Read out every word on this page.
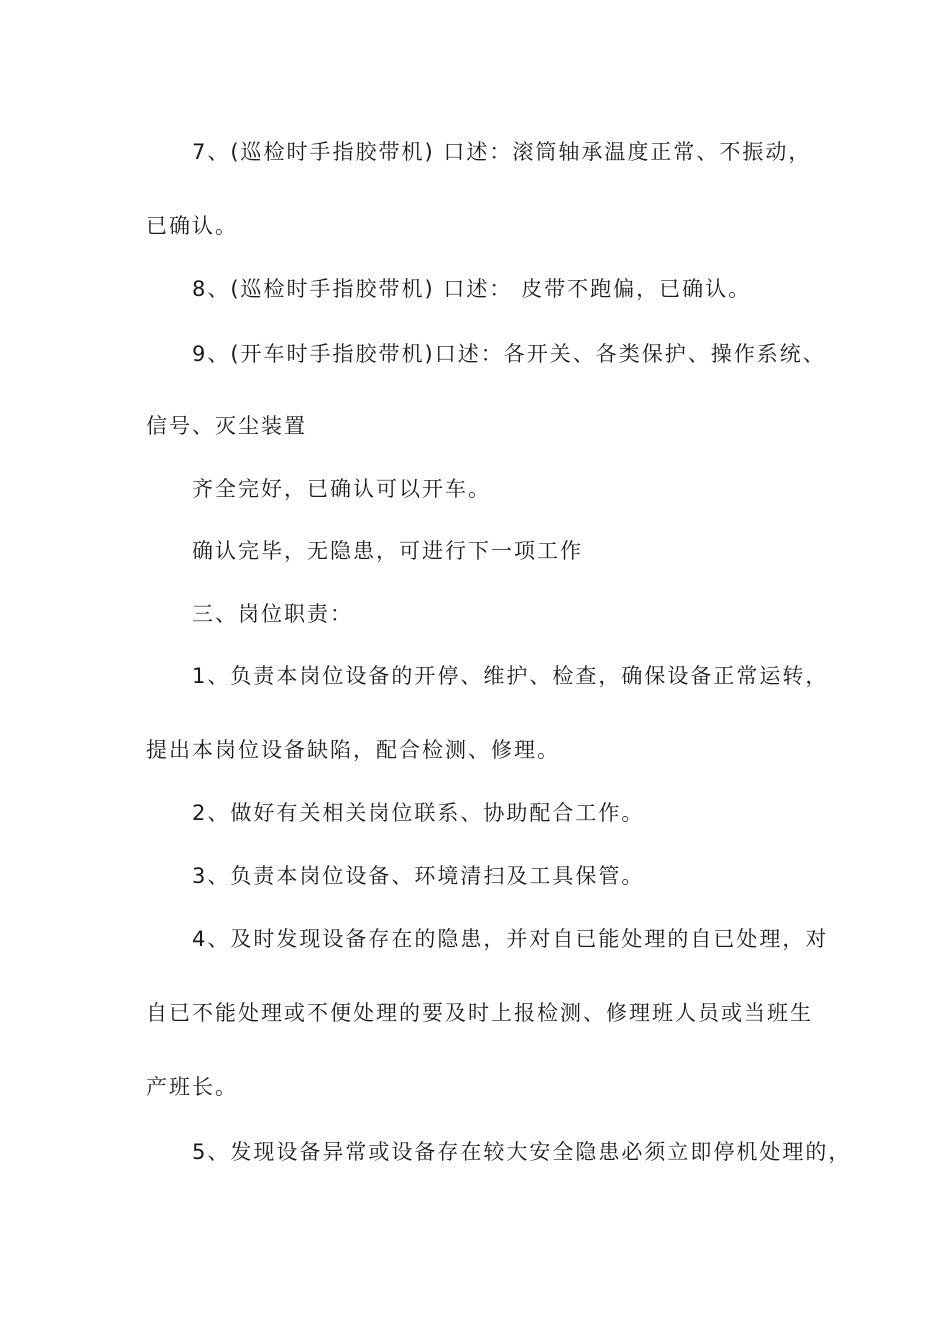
7、(巡检时手指胶带机) 口述：滚筒轴承温度正常、不振动，
已确认。
8、(巡检时手指胶带机) 口述： 皮带不跑偏，已确认。
9、(开车时手指胶带机)口述：各开关、各类保护、操作系统、
信号、灭尘装置
齐全完好，已确认可以开车。
确认完毕，无隐患，可进行下一项工作
三、岗位职责：
1、负责本岗位设备的开停、维护、检查，确保设备正常运转，
提出本岗位设备缺陷，配合检测、修理。
2、做好有关相关岗位联系、协助配合工作。
3、负责本岗位设备、环境清扫及工具保管。
4、及时发现设备存在的隐患，并对自已能处理的自已处理，对
自已不能处理或不便处理的要及时上报检测、修理班人员或当班生
产班长。
5、发现设备异常或设备存在较大安全隐患必须立即停机处理的，
